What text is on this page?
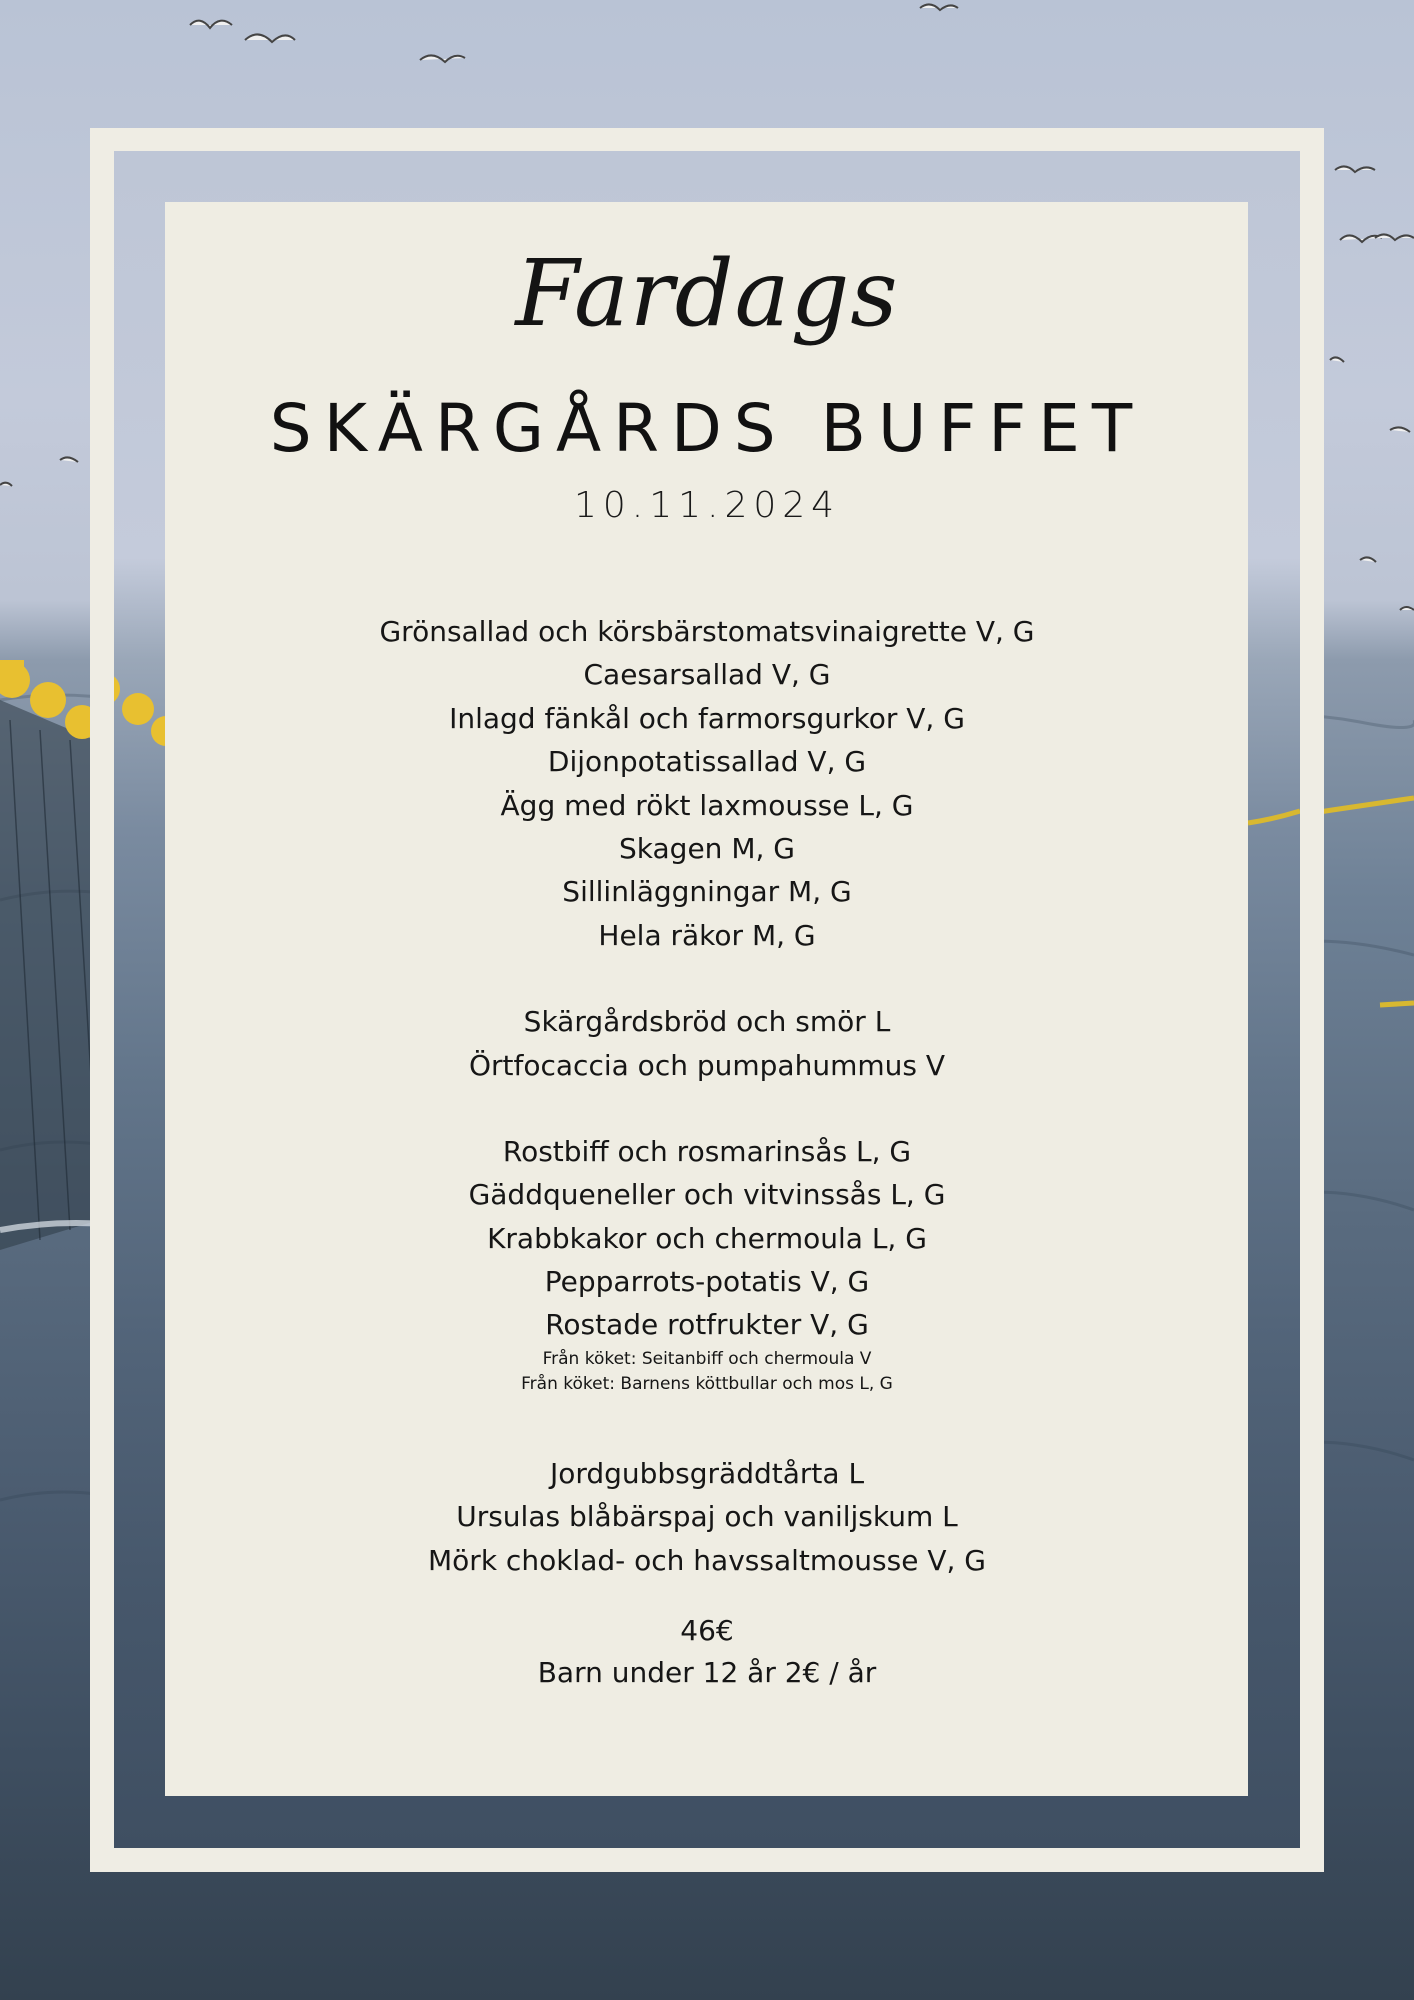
Fardags
SKÄRGÅRDS BUFFET
10.11.2024
Grönsallad och körsbärstomatsvinaigrette V, G
Caesarsallad V, G
Inlagd fänkål och farmorsgurkor V, G
Dijonpotatissallad V, G
Ägg med rökt laxmousse L, G
Skagen M, G
Sillinläggningar M, G
Hela räkor M, G
Skärgårdsbröd och smör L
Örtfocaccia och pumpahummus V
Rostbiff och rosmarinsås L, G
Gäddqueneller och vitvinssås L, G
Krabbkakor och chermoula L, G
Pepparrots-potatis V, G
Rostade rotfrukter V, G
Från köket: Seitanbiff och chermoula V
Från köket: Barnens köttbullar och mos L, G
Jordgubbsgräddtårta L
Ursulas blåbärspaj och vaniljskum L
Mörk choklad- och havssaltmousse V, G
46€
Barn under 12 år 2€ / år
